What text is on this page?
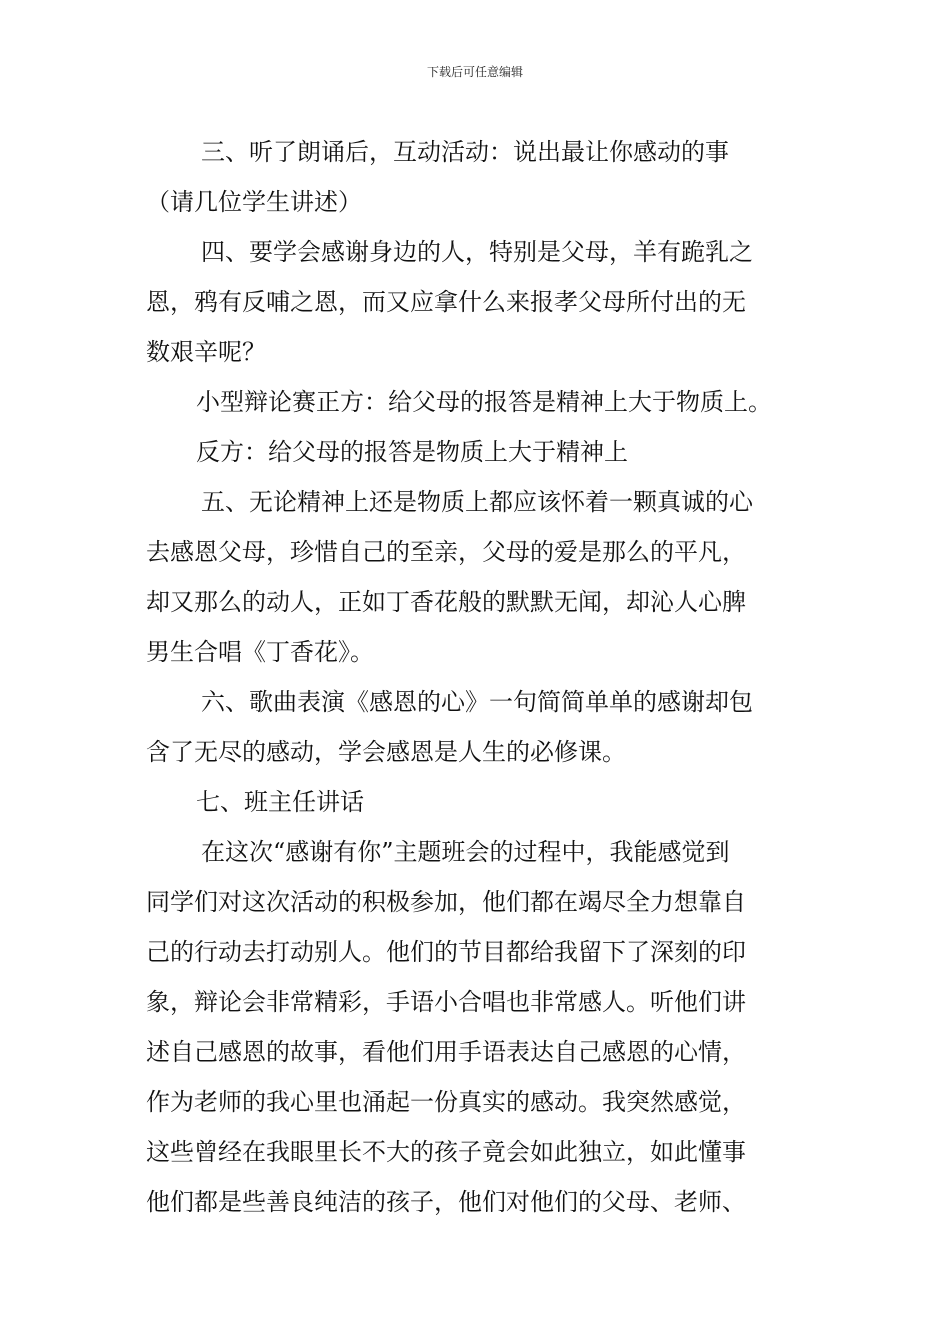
下载后可任意编辑

三、听了朗诵后，互动活动：说出最让你感动的事

（请几位学生讲述）

四、要学会感谢身边的人，特别是父母，羊有跪乳之

恩，鸦有反哺之恩，而又应拿什么来报孝父母所付出的无

数艰辛呢？

小型辩论赛正方：给父母的报答是精神上大于物质上。

反方：给父母的报答是物质上大于精神上

五、无论精神上还是物质上都应该怀着一颗真诚的心

去感恩父母，珍惜自己的至亲，父母的爱是那么的平凡，

却又那么的动人，正如丁香花般的默默无闻，却沁人心脾

男生合唱《丁香花》。

六、歌曲表演《感恩的心》一句简简单单的感谢却包

含了无尽的感动，学会感恩是人生的必修课。

七、班主任讲话

在这次“感谢有你”主题班会的过程中，我能感觉到

同学们对这次活动的积极参加，他们都在竭尽全力想靠自

己的行动去打动别人。他们的节目都给我留下了深刻的印

象，辩论会非常精彩，手语小合唱也非常感人。听他们讲

述自己感恩的故事，看他们用手语表达自己感恩的心情，

作为老师的我心里也涌起一份真实的感动。我突然感觉，

这些曾经在我眼里长不大的孩子竟会如此独立，如此懂事

他们都是些善良纯洁的孩子，他们对他们的父母、老师、
